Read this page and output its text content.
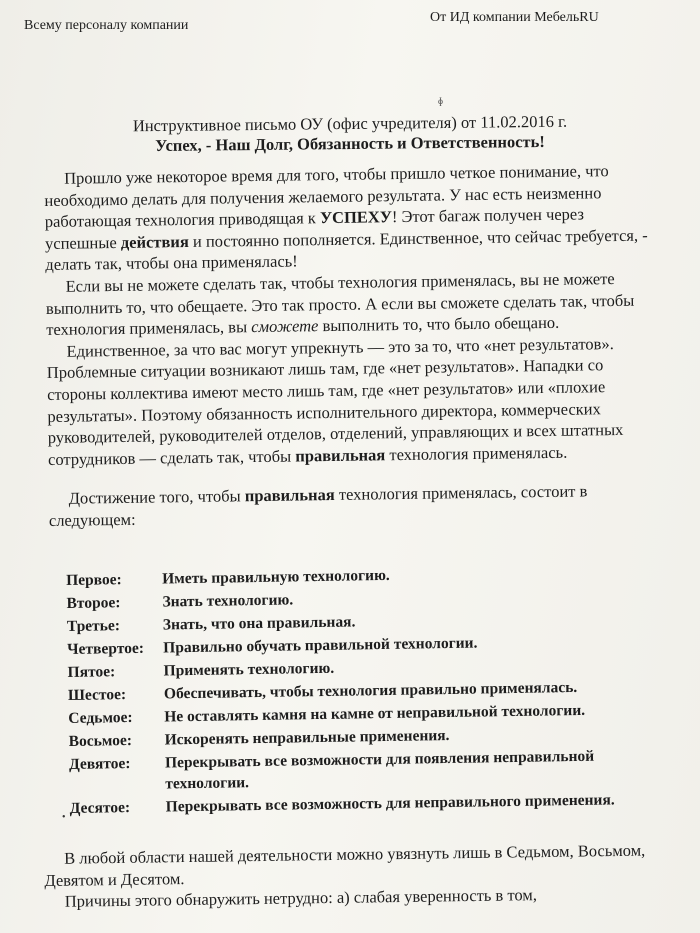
Всему персоналу компании
От ИД компании МебельRU
ɸ
Инструктивное письмо ОУ (офис учредителя) от 11.02.2016 г.
Успех, - Наш Долг, Обязанность и Ответственность!

Прошло уже некоторое время для того, чтобы пришло четкое понимание, что необходимо делать для получения желаемого результата. У нас есть неизменно работающая технология приводящая к УСПЕХУ! Этот багаж получен через успешные действия и постоянно пополняется. Единственное, что сейчас требуется, - делать так, чтобы она применялась!

Если вы не можете сделать так, чтобы технология применялась, вы не можете выполнить то, что обещаете. Это так просто. А если вы сможете сделать так, чтобы технология применялась, вы сможете выполнить то, что было обещано.

Единственное, за что вас могут упрекнуть — это за то, что «нет результатов». Проблемные ситуации возникают лишь там, где «нет результатов». Нападки со стороны коллектива имеют место лишь там, где «нет результатов» или «плохие результаты». Поэтому обязанность исполнительного директора, коммерческих руководителей, руководителей отделов, отделений, управляющих и всех штатных сотрудников — сделать так, чтобы правильная технология применялась.

Достижение того, чтобы правильная технология применялась, состоит в следующем:

Первое:	Иметь правильную технологию.
Второе:	Знать технологию.
Третье:	Знать, что она правильная.
Четвертое:	Правильно обучать правильной технологии.
Пятое:	Применять технологию.
Шестое:	Обеспечивать, чтобы технология правильно применялась.
Седьмое:	Не оставлять камня на камне от неправильной технологии.
Восьмое:	Искоренять неправильные применения.
Девятое:	Перекрывать все возможности для появления неправильной технологии.
Десятое:	Перекрывать все возможность для неправильного применения.
•

В любой области нашей деятельности можно увязнуть лишь в Седьмом, Восьмом, Девятом и Десятом.

Причины этого обнаружить нетрудно: а) слабая уверенность в том,
